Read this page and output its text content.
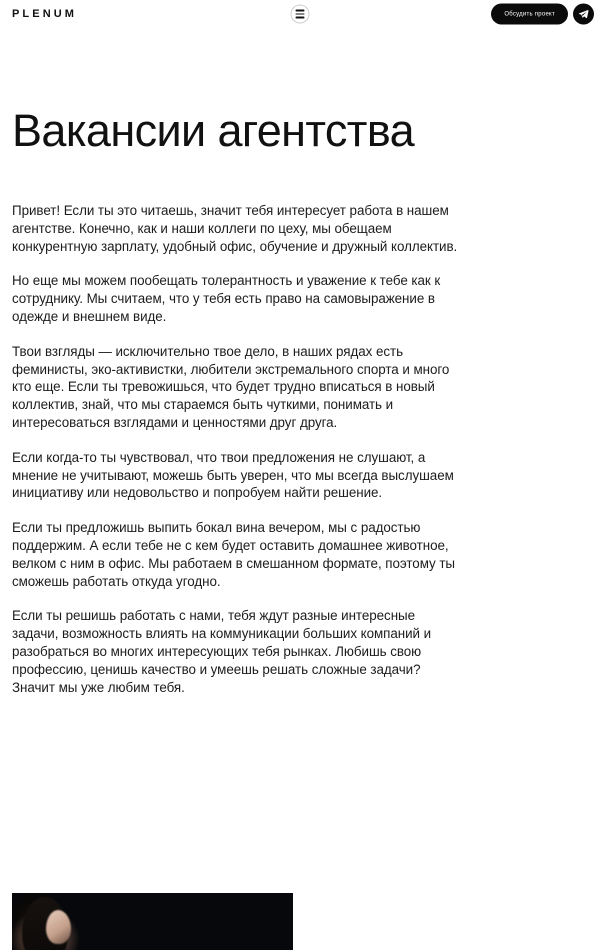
PLENUM	Обсудить проект
Вакансии агентства

Привет! Если ты это читаешь, значит тебя интересует работа в нашем агентстве. Конечно, как и наши коллеги по цеху, мы обещаем конкурентную зарплату, удобный офис, обучение и дружный коллектив.

Но еще мы можем пообещать толерантность и уважение к тебе как к сотруднику. Мы считаем, что у тебя есть право на самовыражение в одежде и внешнем виде.

Твои взгляды — исключительно твое дело, в наших рядах есть феминисты, эко-активистки, любители экстремального спорта и много кто еще. Если ты тревожишься, что будет трудно вписаться в новый коллектив, знай, что мы стараемся быть чуткими, понимать и интересоваться взглядами и ценностями друг друга.

Если когда-то ты чувствовал, что твои предложения не слушают, а мнение не учитывают, можешь быть уверен, что мы всегда выслушаем инициативу или недовольство и попробуем найти решение.

Если ты предложишь выпить бокал вина вечером, мы с радостью поддержим. А если тебе не с кем будет оставить домашнее животное, велком с ним в офис. Мы работаем в смешанном формате, поэтому ты сможешь работать откуда угодно.

Если ты решишь работать с нами, тебя ждут разные интересные задачи, возможность влиять на коммуникации больших компаний и разобраться во многих интересующих тебя рынках. Любишь свою профессию, ценишь качество и умеешь решать сложные задачи? Значит мы уже любим тебя.
